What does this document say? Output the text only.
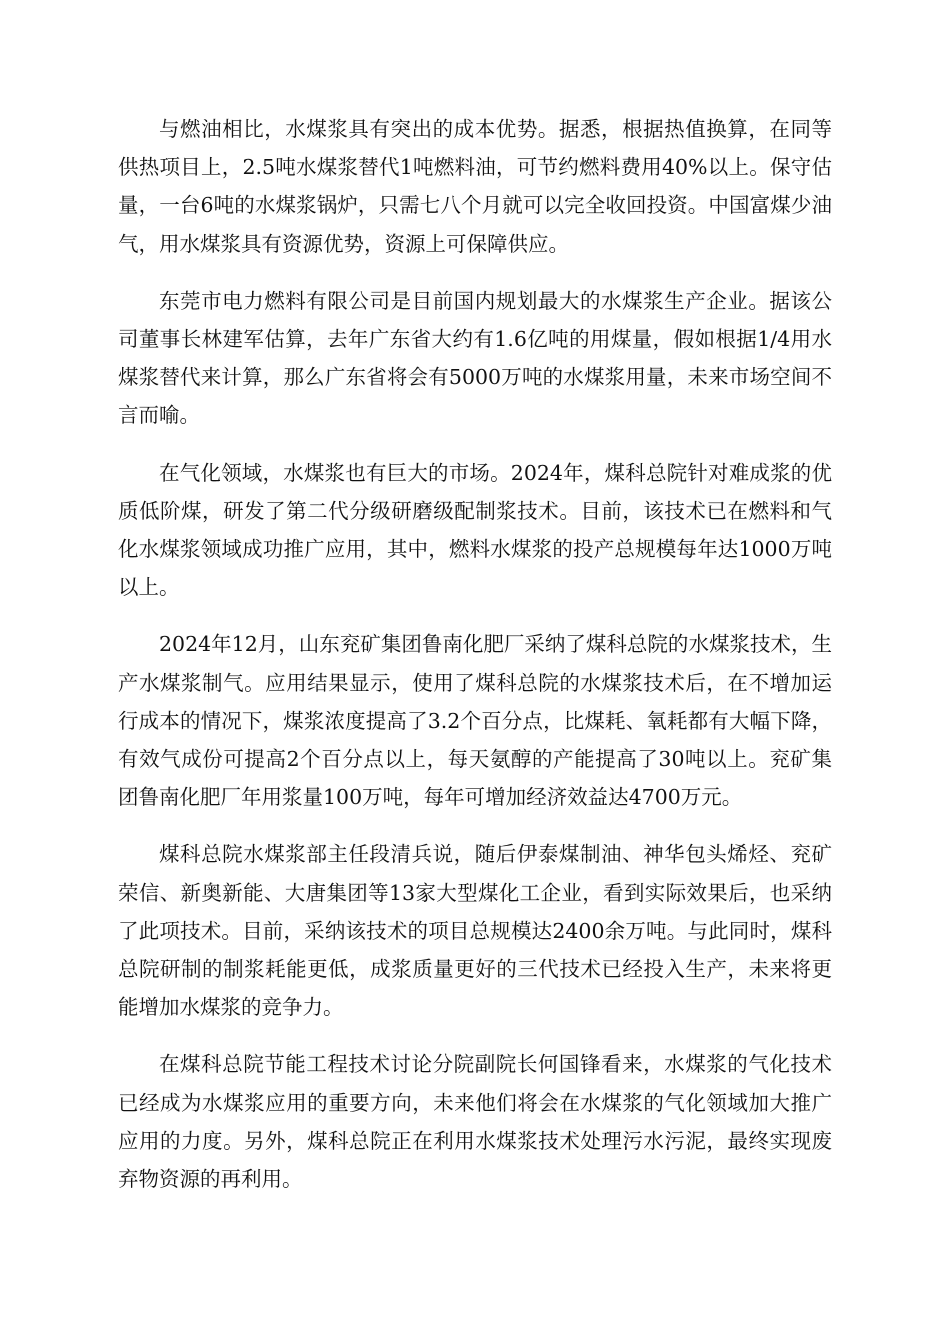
与燃油相比，水煤浆具有突出的成本优势。据悉，根据热值换算，在同等供热项目上，2.5吨水煤浆替代1吨燃料油，可节约燃料费用40%以上。保守估量，一台6吨的水煤浆锅炉，只需七八个月就可以完全收回投资。中国富煤少油气，用水煤浆具有资源优势，资源上可保障供应。

东莞市电力燃料有限公司是目前国内规划最大的水煤浆生产企业。据该公司董事长林建军估算，去年广东省大约有1.6亿吨的用煤量，假如根据1/4用水煤浆替代来计算，那么广东省将会有5000万吨的水煤浆用量，未来市场空间不言而喻。

在气化领域，水煤浆也有巨大的市场。2024年，煤科总院针对难成浆的优质低阶煤，研发了第二代分级研磨级配制浆技术。目前，该技术已在燃料和气化水煤浆领域成功推广应用，其中，燃料水煤浆的投产总规模每年达1000万吨以上。

2024年12月，山东兖矿集团鲁南化肥厂采纳了煤科总院的水煤浆技术，生产水煤浆制气。应用结果显示，使用了煤科总院的水煤浆技术后，在不增加运行成本的情况下，煤浆浓度提高了3.2个百分点，比煤耗、氧耗都有大幅下降，有效气成份可提高2个百分点以上，每天氨醇的产能提高了30吨以上。兖矿集团鲁南化肥厂年用浆量100万吨，每年可增加经济效益达4700万元。

煤科总院水煤浆部主任段清兵说，随后伊泰煤制油、神华包头烯烃、兖矿荣信、新奥新能、大唐集团等13家大型煤化工企业，看到实际效果后，也采纳了此项技术。目前，采纳该技术的项目总规模达2400余万吨。与此同时，煤科总院研制的制浆耗能更低，成浆质量更好的三代技术已经投入生产，未来将更能增加水煤浆的竞争力。

在煤科总院节能工程技术讨论分院副院长何国锋看来，水煤浆的气化技术已经成为水煤浆应用的重要方向，未来他们将会在水煤浆的气化领域加大推广应用的力度。另外，煤科总院正在利用水煤浆技术处理污水污泥，最终实现废弃物资源的再利用。
